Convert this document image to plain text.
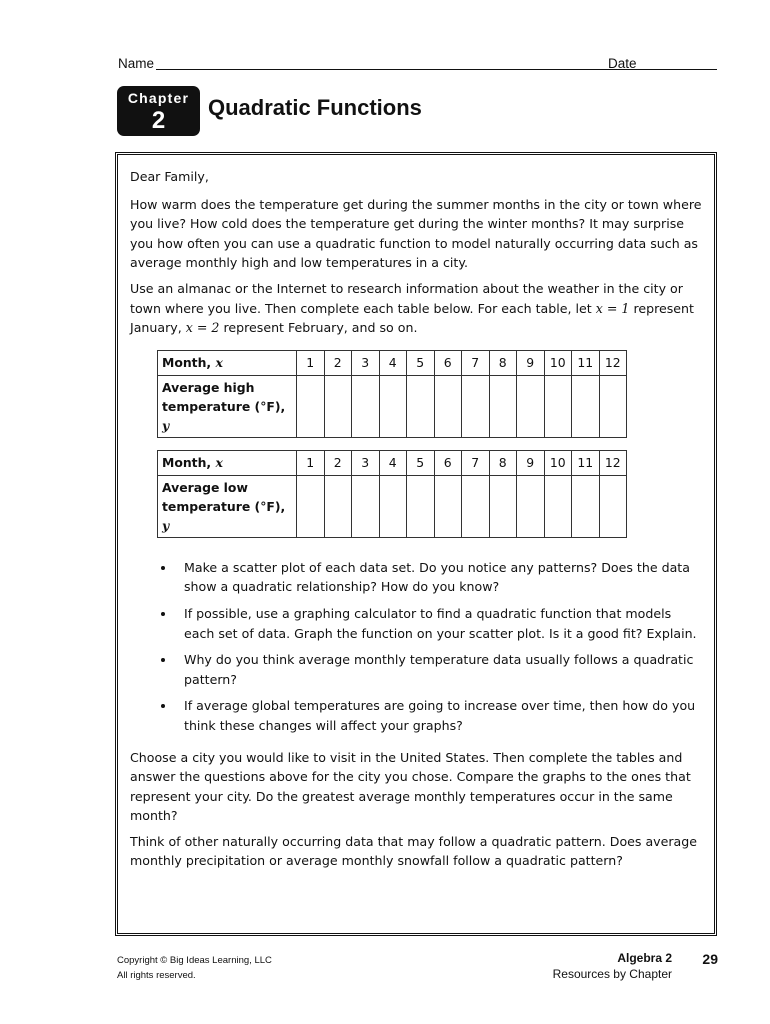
Name	Date
Chapter
2	Quadratic Functions

Dear Family,

How warm does the temperature get during the summer months in the city or town where you live? How cold does the temperature get during the winter months? It may surprise you how often you can use a quadratic function to model naturally occurring data such as average monthly high and low temperatures in a city.

Use an almanac or the Internet to research information about the weather in the city or town where you live. Then complete each table below. For each table, let x = 1 represent January, x = 2 represent February, and so on.

Month, x	1	2	3	4	5	6	7	8	9	10	11	12
Average high
temperature (°F), y												
Month, x	1	2	3	4	5	6	7	8	9	10	11	12
Average low
temperature (°F), y												
• Make a scatter plot of each data set. Do you notice any patterns? Does the data show a quadratic relationship? How do you know?
• If possible, use a graphing calculator to find a quadratic function that models each set of data. Graph the function on your scatter plot. Is it a good fit? Explain.
• Why do you think average monthly temperature data usually follows a quadratic pattern?
• If average global temperatures are going to increase over time, then how do you think these changes will affect your graphs?

Choose a city you would like to visit in the United States. Then complete the tables and answer the questions above for the city you chose. Compare the graphs to the ones that represent your city. Do the greatest average monthly temperatures occur in the same month?

Think of other naturally occurring data that may follow a quadratic pattern. Does average monthly precipitation or average monthly snowfall follow a quadratic pattern?

Copyright © Big Ideas Learning, LLC
All rights reserved.
Algebra 2
Resources by Chapter
29
